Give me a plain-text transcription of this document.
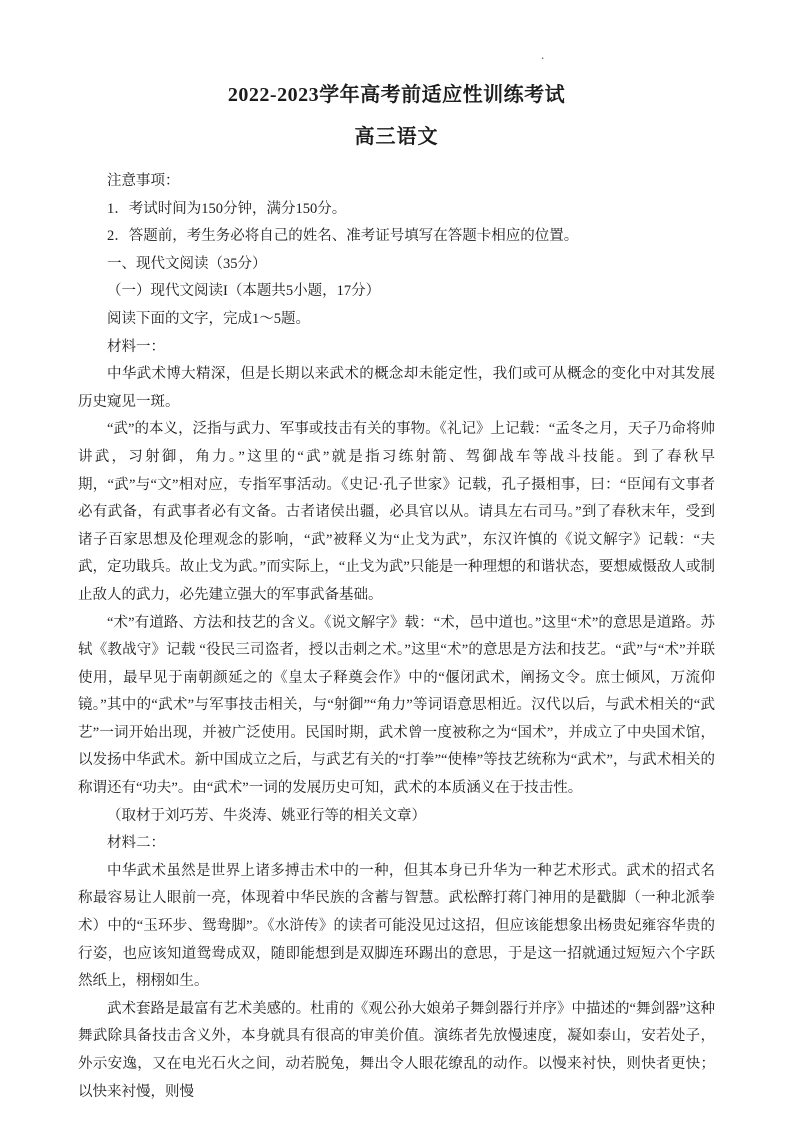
.
2022-2023学年高考前适应性训练考试
高三语文

注意事项：

1．考试时间为150分钟，满分150分。

2．答题前，考生务必将自己的姓名、准考证号填写在答题卡相应的位置。

一、现代文阅读（35分）

（一）现代文阅读I（本题共5小题，17分）

阅读下面的文字，完成1～5题。

材料一：

中华武术博大精深，但是长期以来武术的概念却未能定性，我们或可从概念的变化中对其发展历史窥见一斑。

“武”的本义，泛指与武力、军事或技击有关的事物。《礼记》上记载：“孟冬之月，天子乃命将帅讲武，习射御，角力。”这里的“武”就是指习练射箭、驾御战车等战斗技能。到了春秋早期，“武”与“文”相对应，专指军事活动。《史记·孔子世家》记载，孔子摄相事，曰：“臣闻有文事者必有武备，有武事者必有文备。古者诸侯出疆，必具官以从。请具左右司马。”到了春秋末年，受到诸子百家思想及伦理观念的影响，“武”被释义为“止戈为武”，东汉许慎的《说文解字》记载：“夫武，定功戢兵。故止戈为武。”而实际上，“止戈为武”只能是一种理想的和谐状态，要想威慑敌人或制止敌人的武力，必先建立强大的军事武备基础。

“术”有道路、方法和技艺的含义。《说文解字》载：“术，邑中道也。”这里“术”的意思是道路。苏轼《教战守》记载 “役民三司盗者，授以击刺之术。”这里“术”的意思是方法和技艺。“武”与“术”并联使用，最早见于南朝颜延之的《皇太子释奠会作》中的“偃闭武术，阐扬文令。庶士倾风，万流仰镜。”其中的“武术”与军事技击相关，与“射御”“角力”等词语意思相近。汉代以后，与武术相关的“武艺”一词开始出现，并被广泛使用。民国时期，武术曾一度被称之为“国术”，并成立了中央国术馆，以发扬中华武术。新中国成立之后，与武艺有关的“打拳”“使棒”等技艺统称为“武术”，与武术相关的称谓还有“功夫”。由“武术”一词的发展历史可知，武术的本质涵义在于技击性。

（取材于刘巧芳、牛炎涛、姚亚行等的相关文章）

材料二：

中华武术虽然是世界上诸多搏击术中的一种，但其本身已升华为一种艺术形式。武术的招式名称最容易让人眼前一亮，体现着中华民族的含蓄与智慧。武松醉打蒋门神用的是戳脚（一种北派拳术）中的“玉环步、鸳鸯脚”。《水浒传》的读者可能没见过这招，但应该能想象出杨贵妃雍容华贵的行姿，也应该知道鸳鸯成双，随即能想到是双脚连环踢出的意思，于是这一招就通过短短六个字跃然纸上，栩栩如生。

武术套路是最富有艺术美感的。杜甫的《观公孙大娘弟子舞剑器行并序》中描述的“舞剑器”这种舞武除具备技击含义外，本身就具有很高的审美价值。演练者先放慢速度，凝如泰山，安若处子，外示安逸，又在电光石火之间，动若脱兔，舞出令人眼花缭乱的动作。以慢来衬快，则快者更快；以快来衬慢，则慢
